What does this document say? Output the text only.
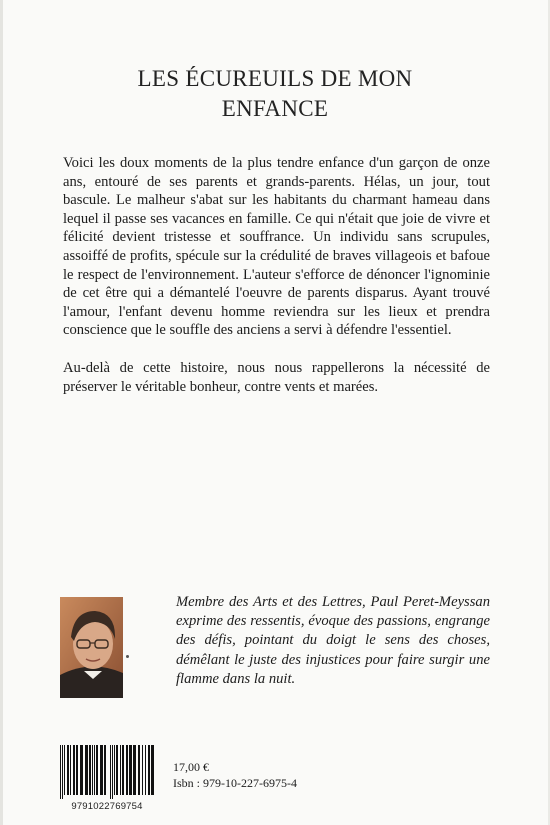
LES ÉCUREUILS DE MON
ENFANCE

Voici les doux moments de la plus tendre enfance d'un garçon de onze ans, entouré de ses parents et grands-parents. Hélas, un jour, tout bascule. Le malheur s'abat sur les habitants du charmant hameau dans lequel il passe ses vacances en famille. Ce qui n'était que joie de vivre et félicité devient tristesse et souffrance. Un individu sans scrupules, assoiffé de profits, spécule sur la crédulité de braves villageois et bafoue le respect de l'environnement. L'auteur s'efforce de dénoncer l'ignominie de cet être qui a démantelé l'oeuvre de parents disparus. Ayant trouvé l'amour, l'enfant devenu homme reviendra sur les lieux et prendra conscience que le souffle des anciens a servi à défendre l'essentiel.

Au-delà de cette histoire, nous nous rappellerons la nécessité de préserver le véritable bonheur, contre vents et marées.

Membre des Arts et des Lettres, Paul Peret-Meyssan exprime des ressentis, évoque des passions, engrange des défis, pointant du doigt le sens des choses, démêlant le juste des injustices pour faire surgir une flamme dans la nuit.
9791022769754
17,00 €
Isbn : 979-10-227-6975-4
